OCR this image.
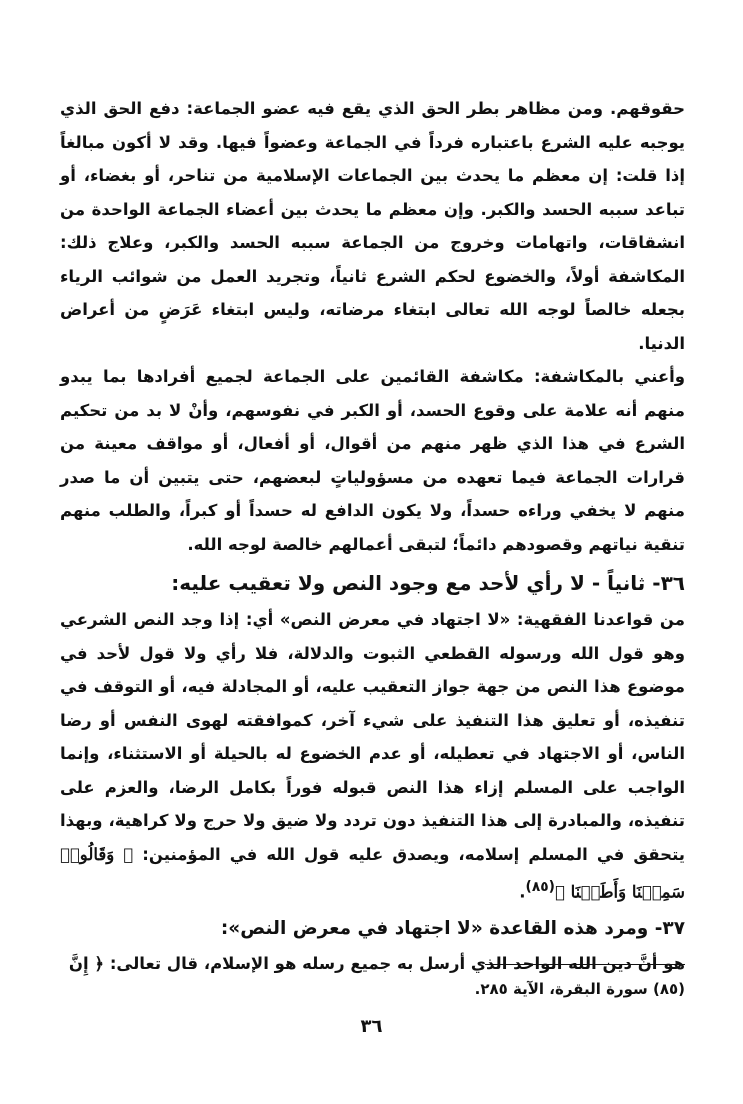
حقوقهم. ومن مظاهر بطر الحق الذي يقع فيه عضو الجماعة: دفع الحق الذي يوجبه عليه الشرع باعتباره فرداً في الجماعة وعضواً فيها. وقد لا أكون مبالغاً إذا قلت: إن معظم ما يحدث بين الجماعات الإسلامية من تناحر، أو بغضاء، أو تباعد سببه الحسد والكبر. وإن معظم ما يحدث بين أعضاء الجماعة الواحدة من انشقاقات، واتهامات وخروج من الجماعة سببه الحسد والكبر، وعلاج ذلك: المكاشفة أولاً، والخضوع لحكم الشرع ثانياً، وتجريد العمل من شوائب الرياء بجعله خالصاً لوجه الله تعالى ابتغاء مرضاته، وليس ابتغاء عَرَضٍ من أعراض الدنيا.

وأعني بالمكاشفة: مكاشفة القائمين على الجماعة لجميع أفرادها بما يبدو منهم أنه علامة على وقوع الحسد، أو الكبر في نفوسهم، وأنْ لا بد من تحكيم الشرع في هذا الذي ظهر منهم من أقوال، أو أفعال، أو مواقف معينة من قرارات الجماعة فيما تعهده من مسؤولياتٍ لبعضهم، حتى يتبين أن ما صدر منهم لا يخفي وراءه حسداً، ولا يكون الدافع له حسداً أو كبراً، والطلب منهم تنقية نياتهم وقصودهم دائماً؛ لتبقى أعمالهم خالصة لوجه الله.

٣٦- ثانياً - لا رأي لأحد مع وجود النص ولا تعقيب عليه:

من قواعدنا الفقهية: «لا اجتهاد في معرض النص» أي: إذا وجد النص الشرعي وهو قول الله ورسوله القطعي الثبوت والدلالة، فلا رأي ولا قول لأحد في موضوع هذا النص من جهة جواز التعقيب عليه، أو المجادلة فيه، أو التوقف في تنفيذه، أو تعليق هذا التنفيذ على شيء آخر، كموافقته لهوى النفس أو رضا الناس، أو الاجتهاد في تعطيله، أو عدم الخضوع له بالحيلة أو الاستثناء، وإنما الواجب على المسلم إزاء هذا النص قبوله فوراً بكامل الرضا، والعزم على تنفيذه، والمبادرة إلى هذا التنفيذ دون تردد ولا ضيق ولا حرج ولا كراهية، وبهذا يتحقق في المسلم إسلامه، ويصدق عليه قول الله في المؤمنين: ﴿ وَقَالُوا۟ سَمِعۡنَا وَأَطَعۡنَا ﴾$^{(٨٥)}$.

٣٧- ومرد هذه القاعدة «لا اجتهاد في معرض النص»:

هو أنَّ دين الله الواحد الذي أرسل به جميع رسله هو الإسلام، قال تعالى: ﴿ إِنَّ

(٨٥) سورة البقرة، الآية ٢٨٥.
٣٦
